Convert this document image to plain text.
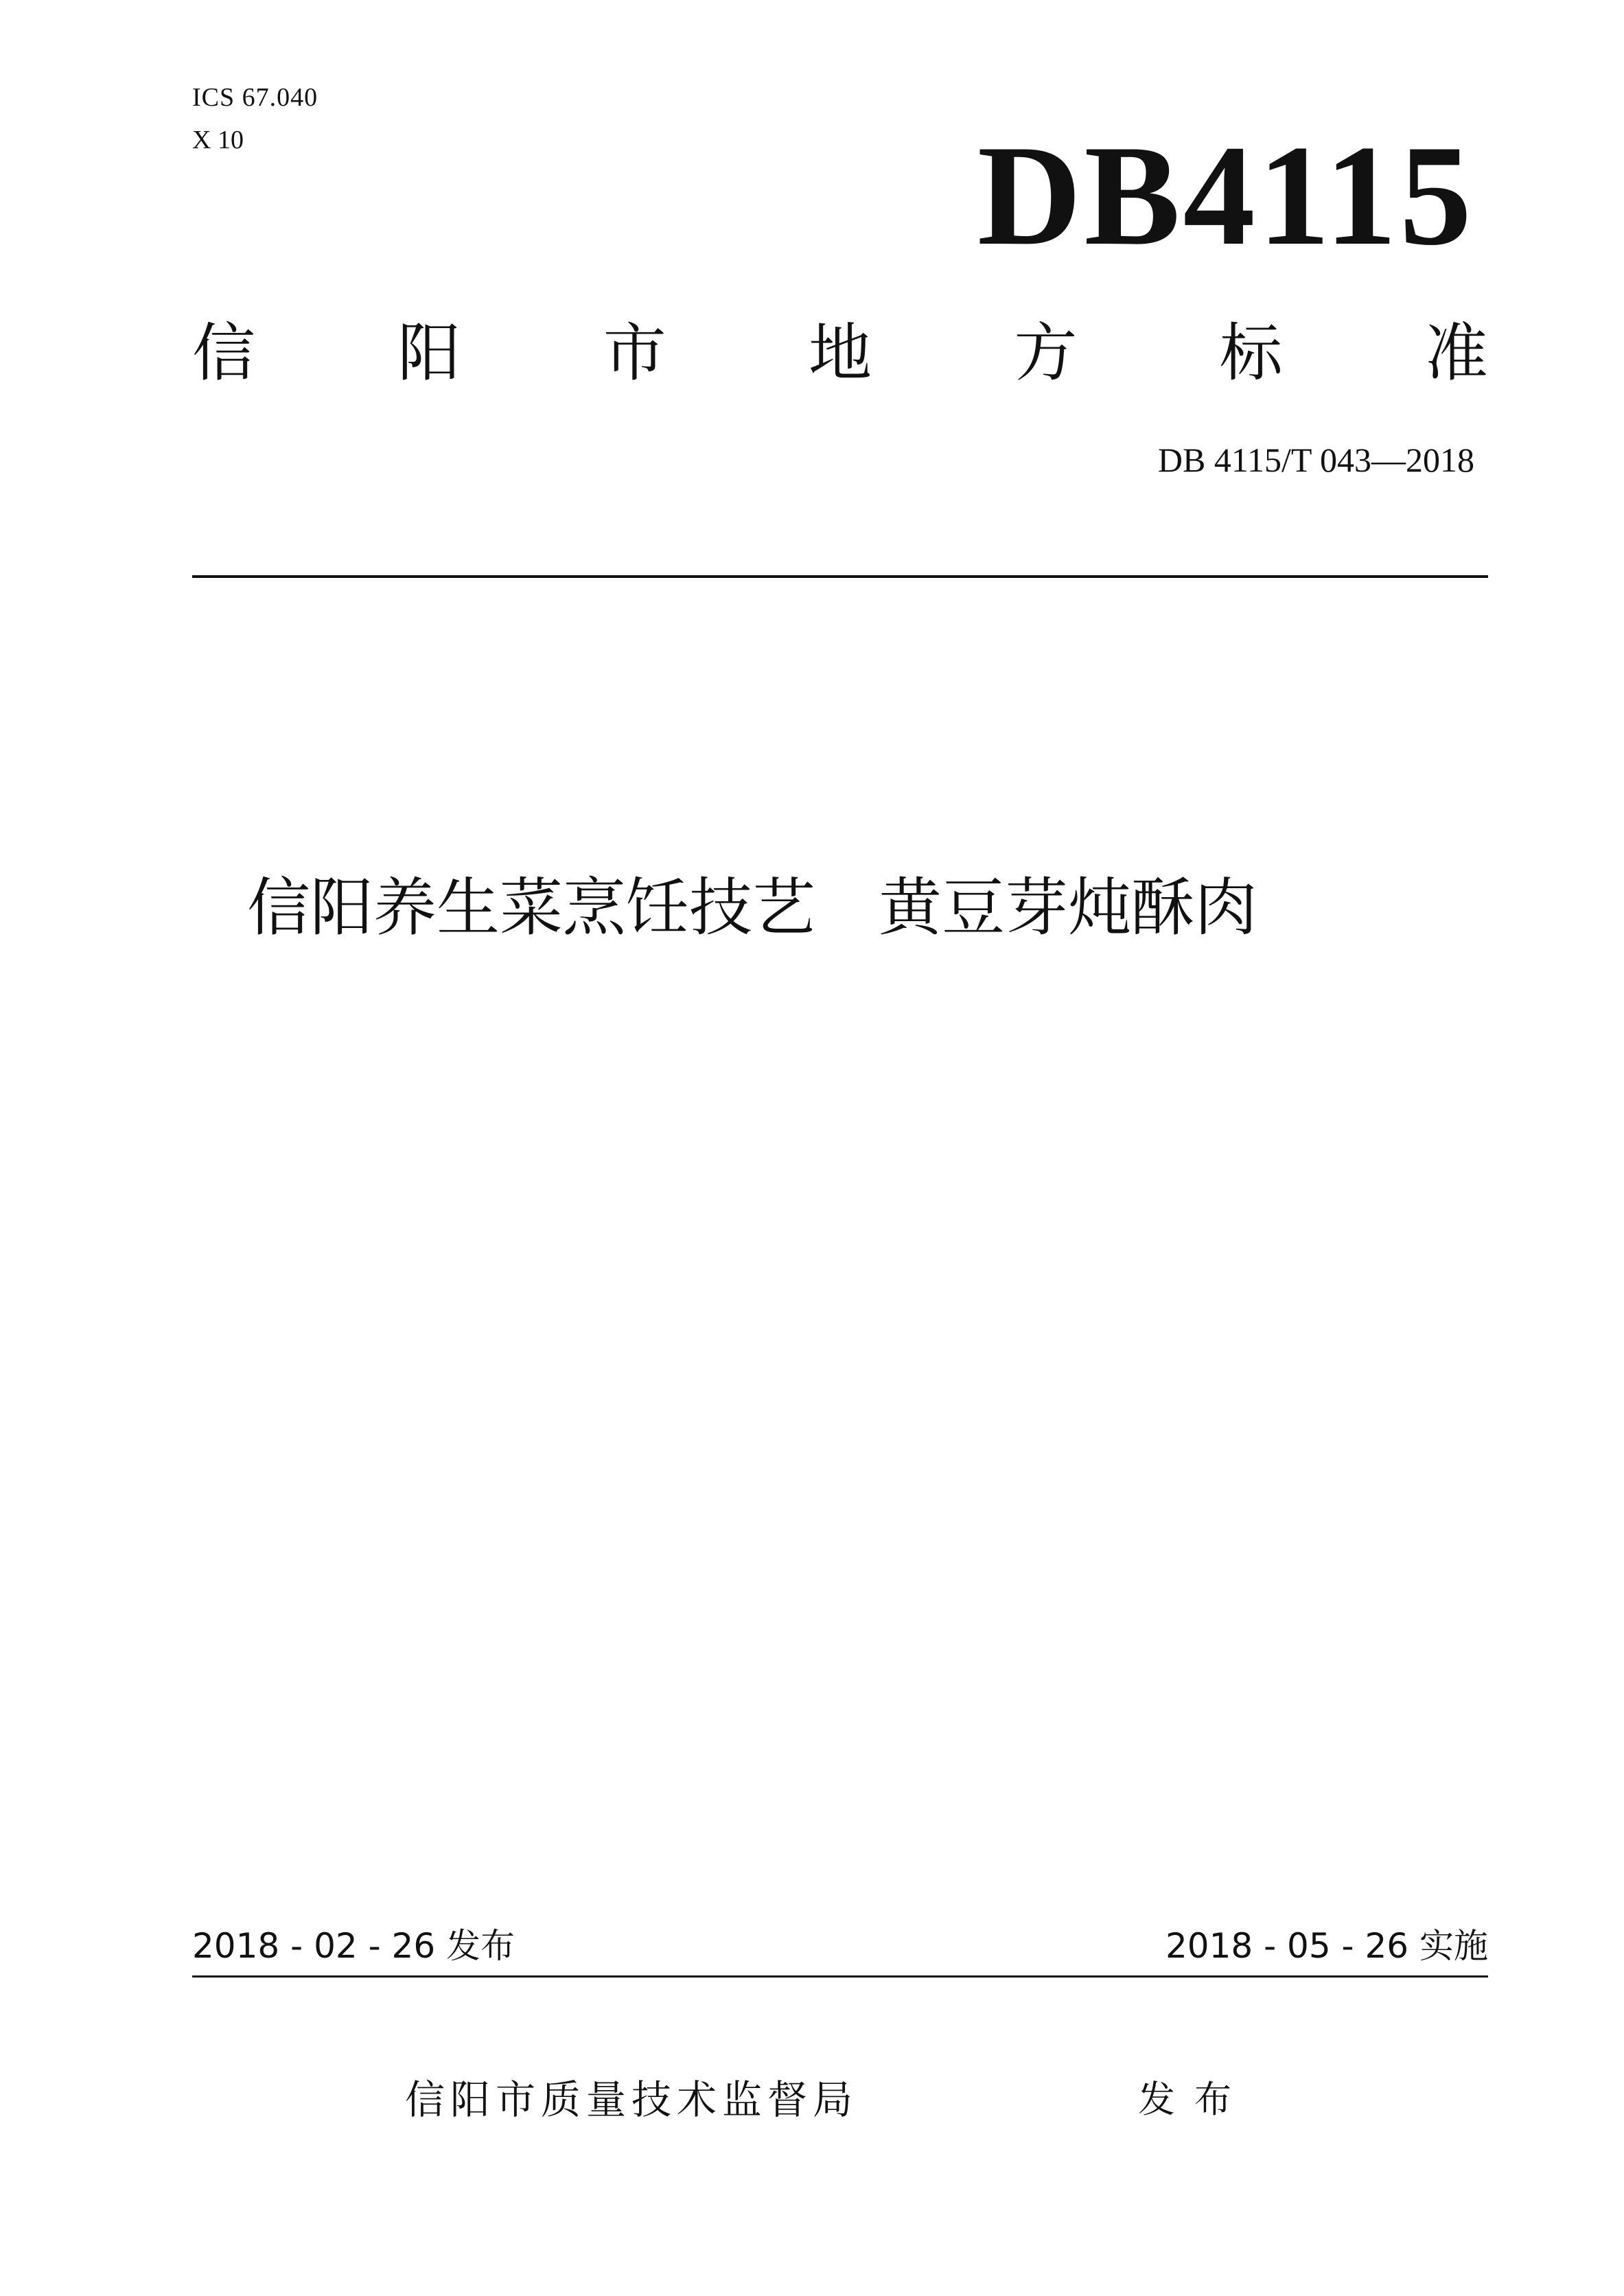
ICS 67.040
X 10	DB4115
信 阳 市 地 方 标 准
DB 4115/T 043—2018
信阳养生菜烹饪技艺　黄豆芽炖酥肉
2018 - 02 - 26 发布	2018 - 05 - 26 实施
信阳市质量技术监督局	发布
